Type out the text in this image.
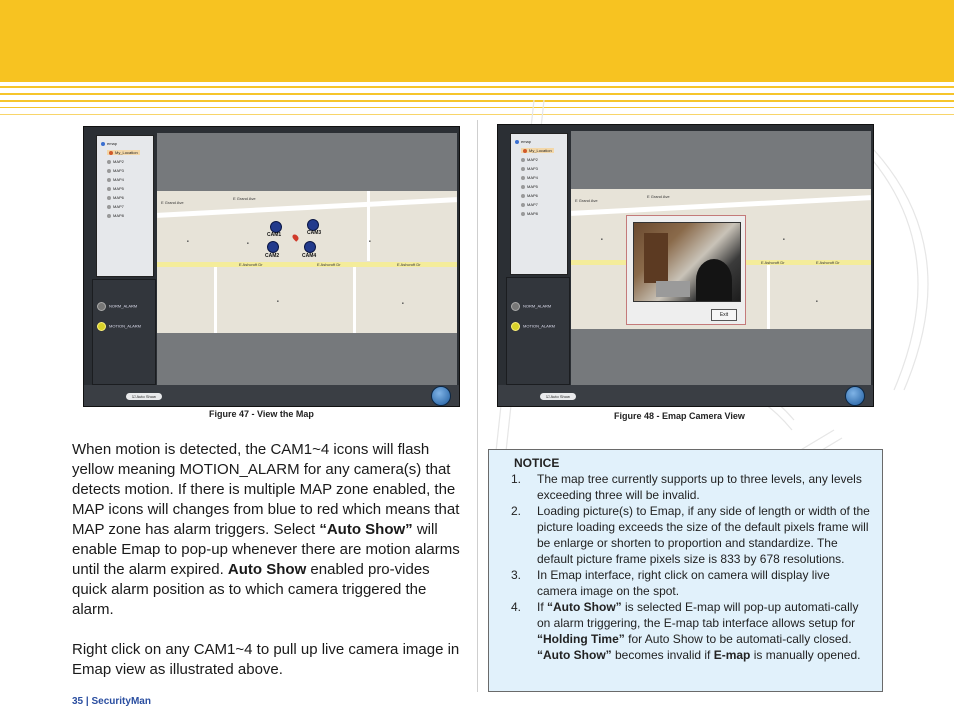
emap
My_Location
MAP2
MAP3
MAP4
MAP5
MAP6
MAP7
MAP8
NORM_ALARM
MOTION_ALARM
E Grand Ave
E Grand Ave
E Ashcroft Dr	E Ashcroft Dr	E Ashcroft Dr
■	■	■
■
■
CAM1	CAM3
CAM2	CAM4
☑ Auto Show
Figure 47 - View the Map
emap
My_Location
MAP2
MAP3
MAP4
MAP5
MAP6
MAP7
MAP8
NORM_ALARM
MOTION_ALARM
E Grand Ave
E Grand Ave
E Ashcroft Dr	E Ashcroft Dr
■	■
■
Exit
☑ Auto Show
Figure 48 - Emap Camera View

When motion is detected, the CAM1~4 icons will flash yellow meaning MOTION_ALARM for any camera(s) that detects motion. If there is multiple MAP zone enabled, the MAP icons will changes from blue to red which means that MAP zone has alarm triggers. Select “Auto Show” will enable Emap to pop-up whenever there are motion alarms until the alarm expired. Auto Show enabled pro-vides quick alarm position as to which camera triggered the alarm.

Right click on any CAM1~4 to pull up live camera image in Emap view as illustrated above.

NOTICE
1. The map tree currently supports up to three levels, any levels exceeding three will be invalid.
2. Loading picture(s) to Emap, if any side of length or width of the picture loading exceeds the size of the default pixels frame will be enlarge or shorten to proportion and standardize. The default picture frame pixels size is 833 by 678 resolutions.
3. In Emap interface, right click on camera will display live camera image on the spot.
4. If “Auto Show” is selected E-map will pop-up automati-cally on alarm triggering, the E-map tab interface allows setup for “Holding Time” for Auto Show to be automati-cally closed. “Auto Show” becomes invalid if E-map is manually opened.
35 | SecurityMan
